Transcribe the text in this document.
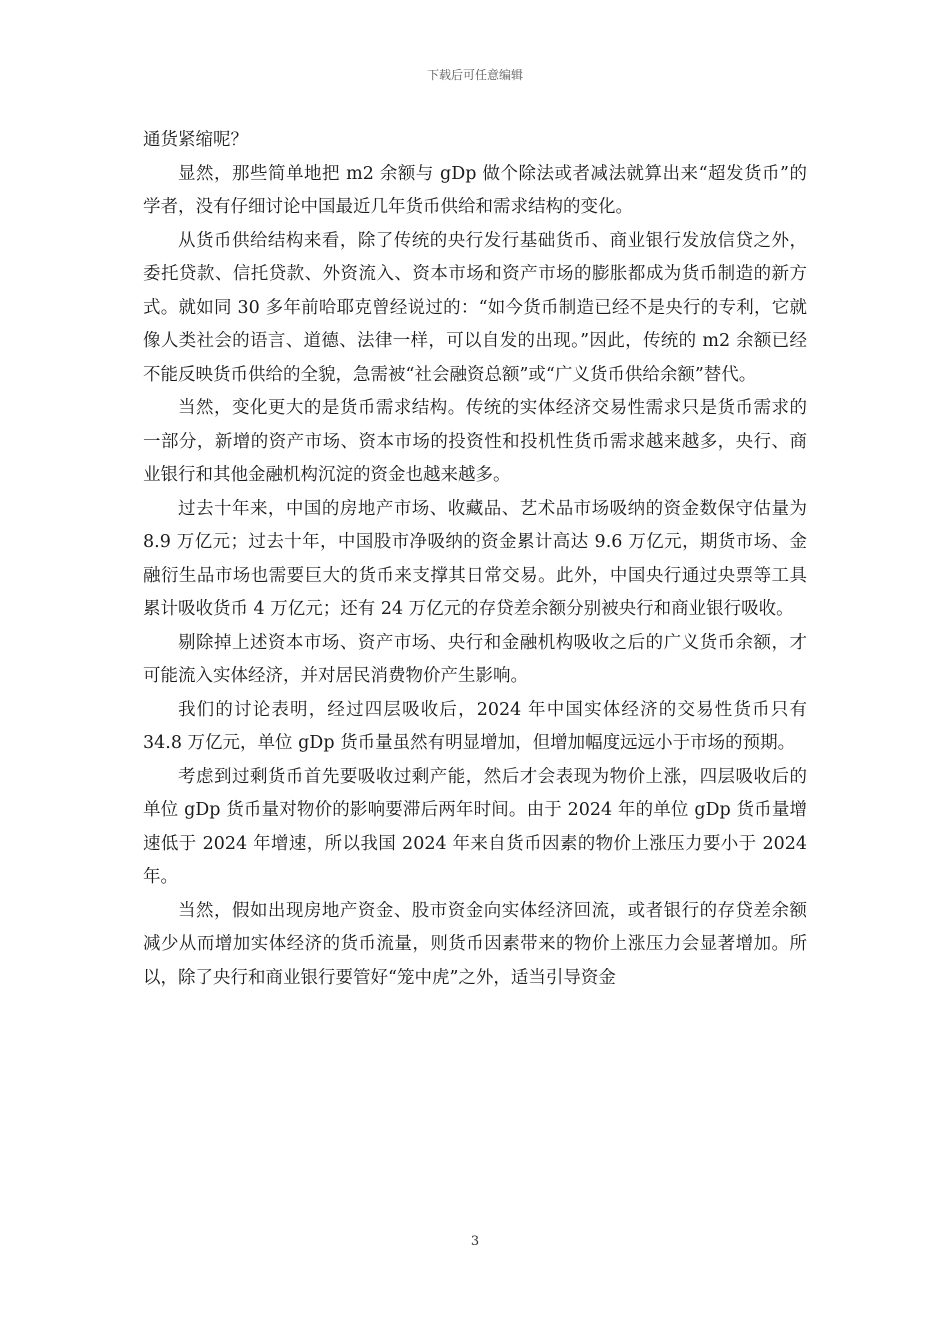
下载后可任意编辑

通货紧缩呢？

显然，那些简单地把 m2 余额与 gDp 做个除法或者减法就算出来“超发货币”的学者，没有仔细讨论中国最近几年货币供给和需求结构的变化。

从货币供给结构来看，除了传统的央行发行基础货币、商业银行发放信贷之外，委托贷款、信托贷款、外资流入、资本市场和资产市场的膨胀都成为货币制造的新方式。就如同 30 多年前哈耶克曾经说过的：“如今货币制造已经不是央行的专利，它就像人类社会的语言、道德、法律一样，可以自发的出现。”因此，传统的 m2 余额已经不能反映货币供给的全貌，急需被“社会融资总额”或“广义货币供给余额”替代。

当然，变化更大的是货币需求结构。传统的实体经济交易性需求只是货币需求的一部分，新增的资产市场、资本市场的投资性和投机性货币需求越来越多，央行、商业银行和其他金融机构沉淀的资金也越来越多。

过去十年来，中国的房地产市场、收藏品、艺术品市场吸纳的资金数保守估量为 8.9 万亿元；过去十年，中国股市净吸纳的资金累计高达 9.6 万亿元，期货市场、金融衍生品市场也需要巨大的货币来支撑其日常交易。此外，中国央行通过央票等工具累计吸收货币 4 万亿元；还有 24 万亿元的存贷差余额分别被央行和商业银行吸收。

剔除掉上述资本市场、资产市场、央行和金融机构吸收之后的广义货币余额，才可能流入实体经济，并对居民消费物价产生影响。

我们的讨论表明，经过四层吸收后，2024 年中国实体经济的交易性货币只有 34.8 万亿元，单位 gDp 货币量虽然有明显增加，但增加幅度远远小于市场的预期。

考虑到过剩货币首先要吸收过剩产能，然后才会表现为物价上涨，四层吸收后的单位 gDp 货币量对物价的影响要滞后两年时间。由于 2024 年的单位 gDp 货币量增速低于 2024 年增速，所以我国 2024 年来自货币因素的物价上涨压力要小于 2024 年。

当然，假如出现房地产资金、股市资金向实体经济回流，或者银行的存贷差余额减少从而增加实体经济的货币流量，则货币因素带来的物价上涨压力会显著增加。所以，除了央行和商业银行要管好“笼中虎”之外，适当引导资金

3
